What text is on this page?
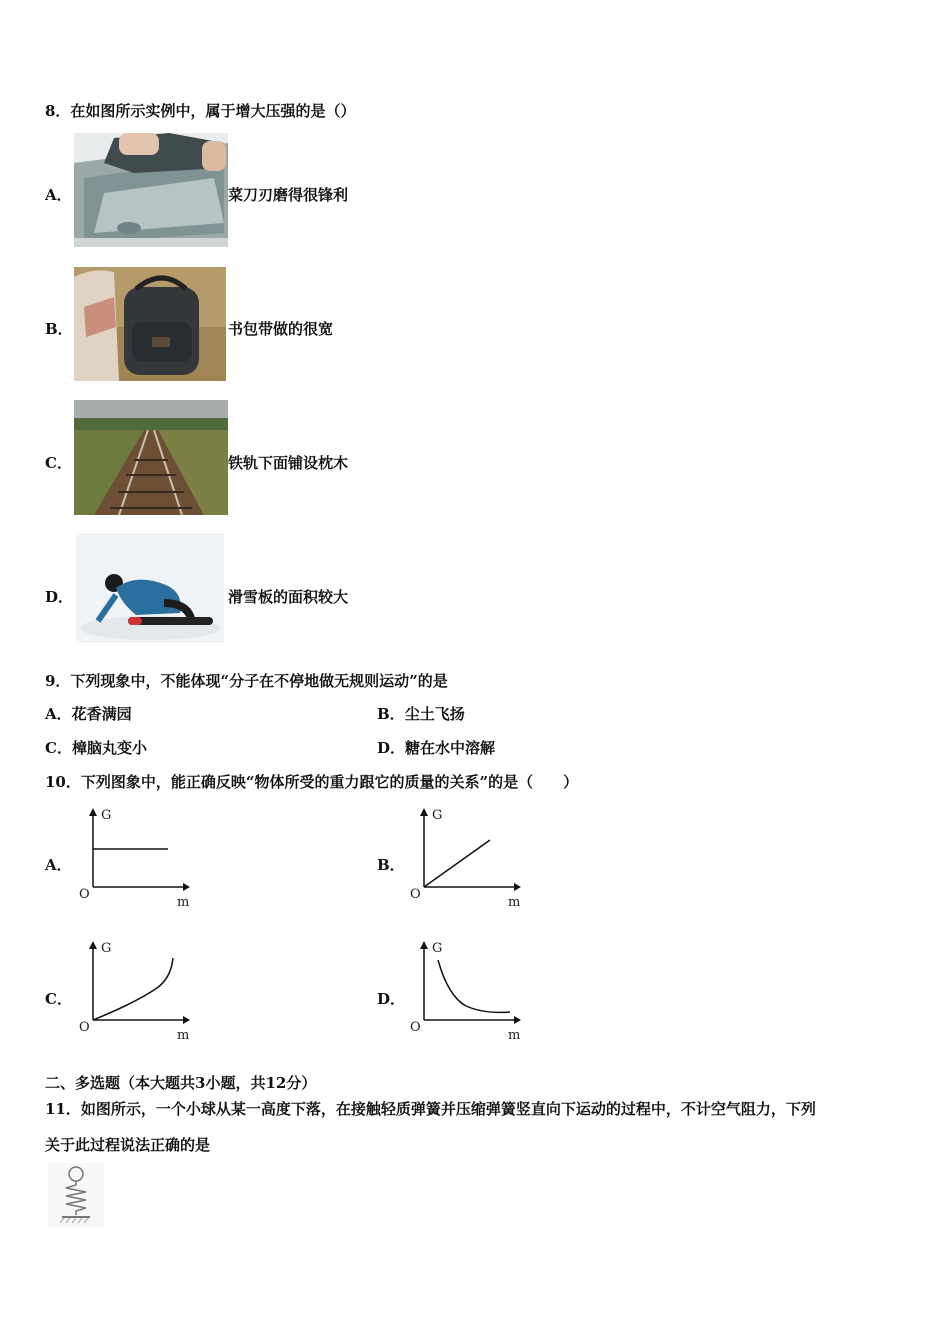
8．在如图所示实例中，属于增大压强的是（）
A．	菜刀刃磨得很锋利
B．	书包带做的很宽
C．	铁轨下面铺设枕木
D．	滑雪板的面积较大
9．下列现象中，不能体现“分子在不停地做无规则运动”的是
A．花香满园	B．尘土飞扬
C．樟脑丸变小	D．糖在水中溶解
10．下列图象中，能正确反映“物体所受的重力跟它的质量的关系”的是（　　）
A．
G
O
m
B．
G
O
m
C．
G
O
m
D．
G
O
m
二、多选题（本大题共3小题，共12分）
11．如图所示，一个小球从某一高度下落，在接触轻质弹簧并压缩弹簧竖直向下运动的过程中，不计空气阻力，下列
关于此过程说法正确的是
